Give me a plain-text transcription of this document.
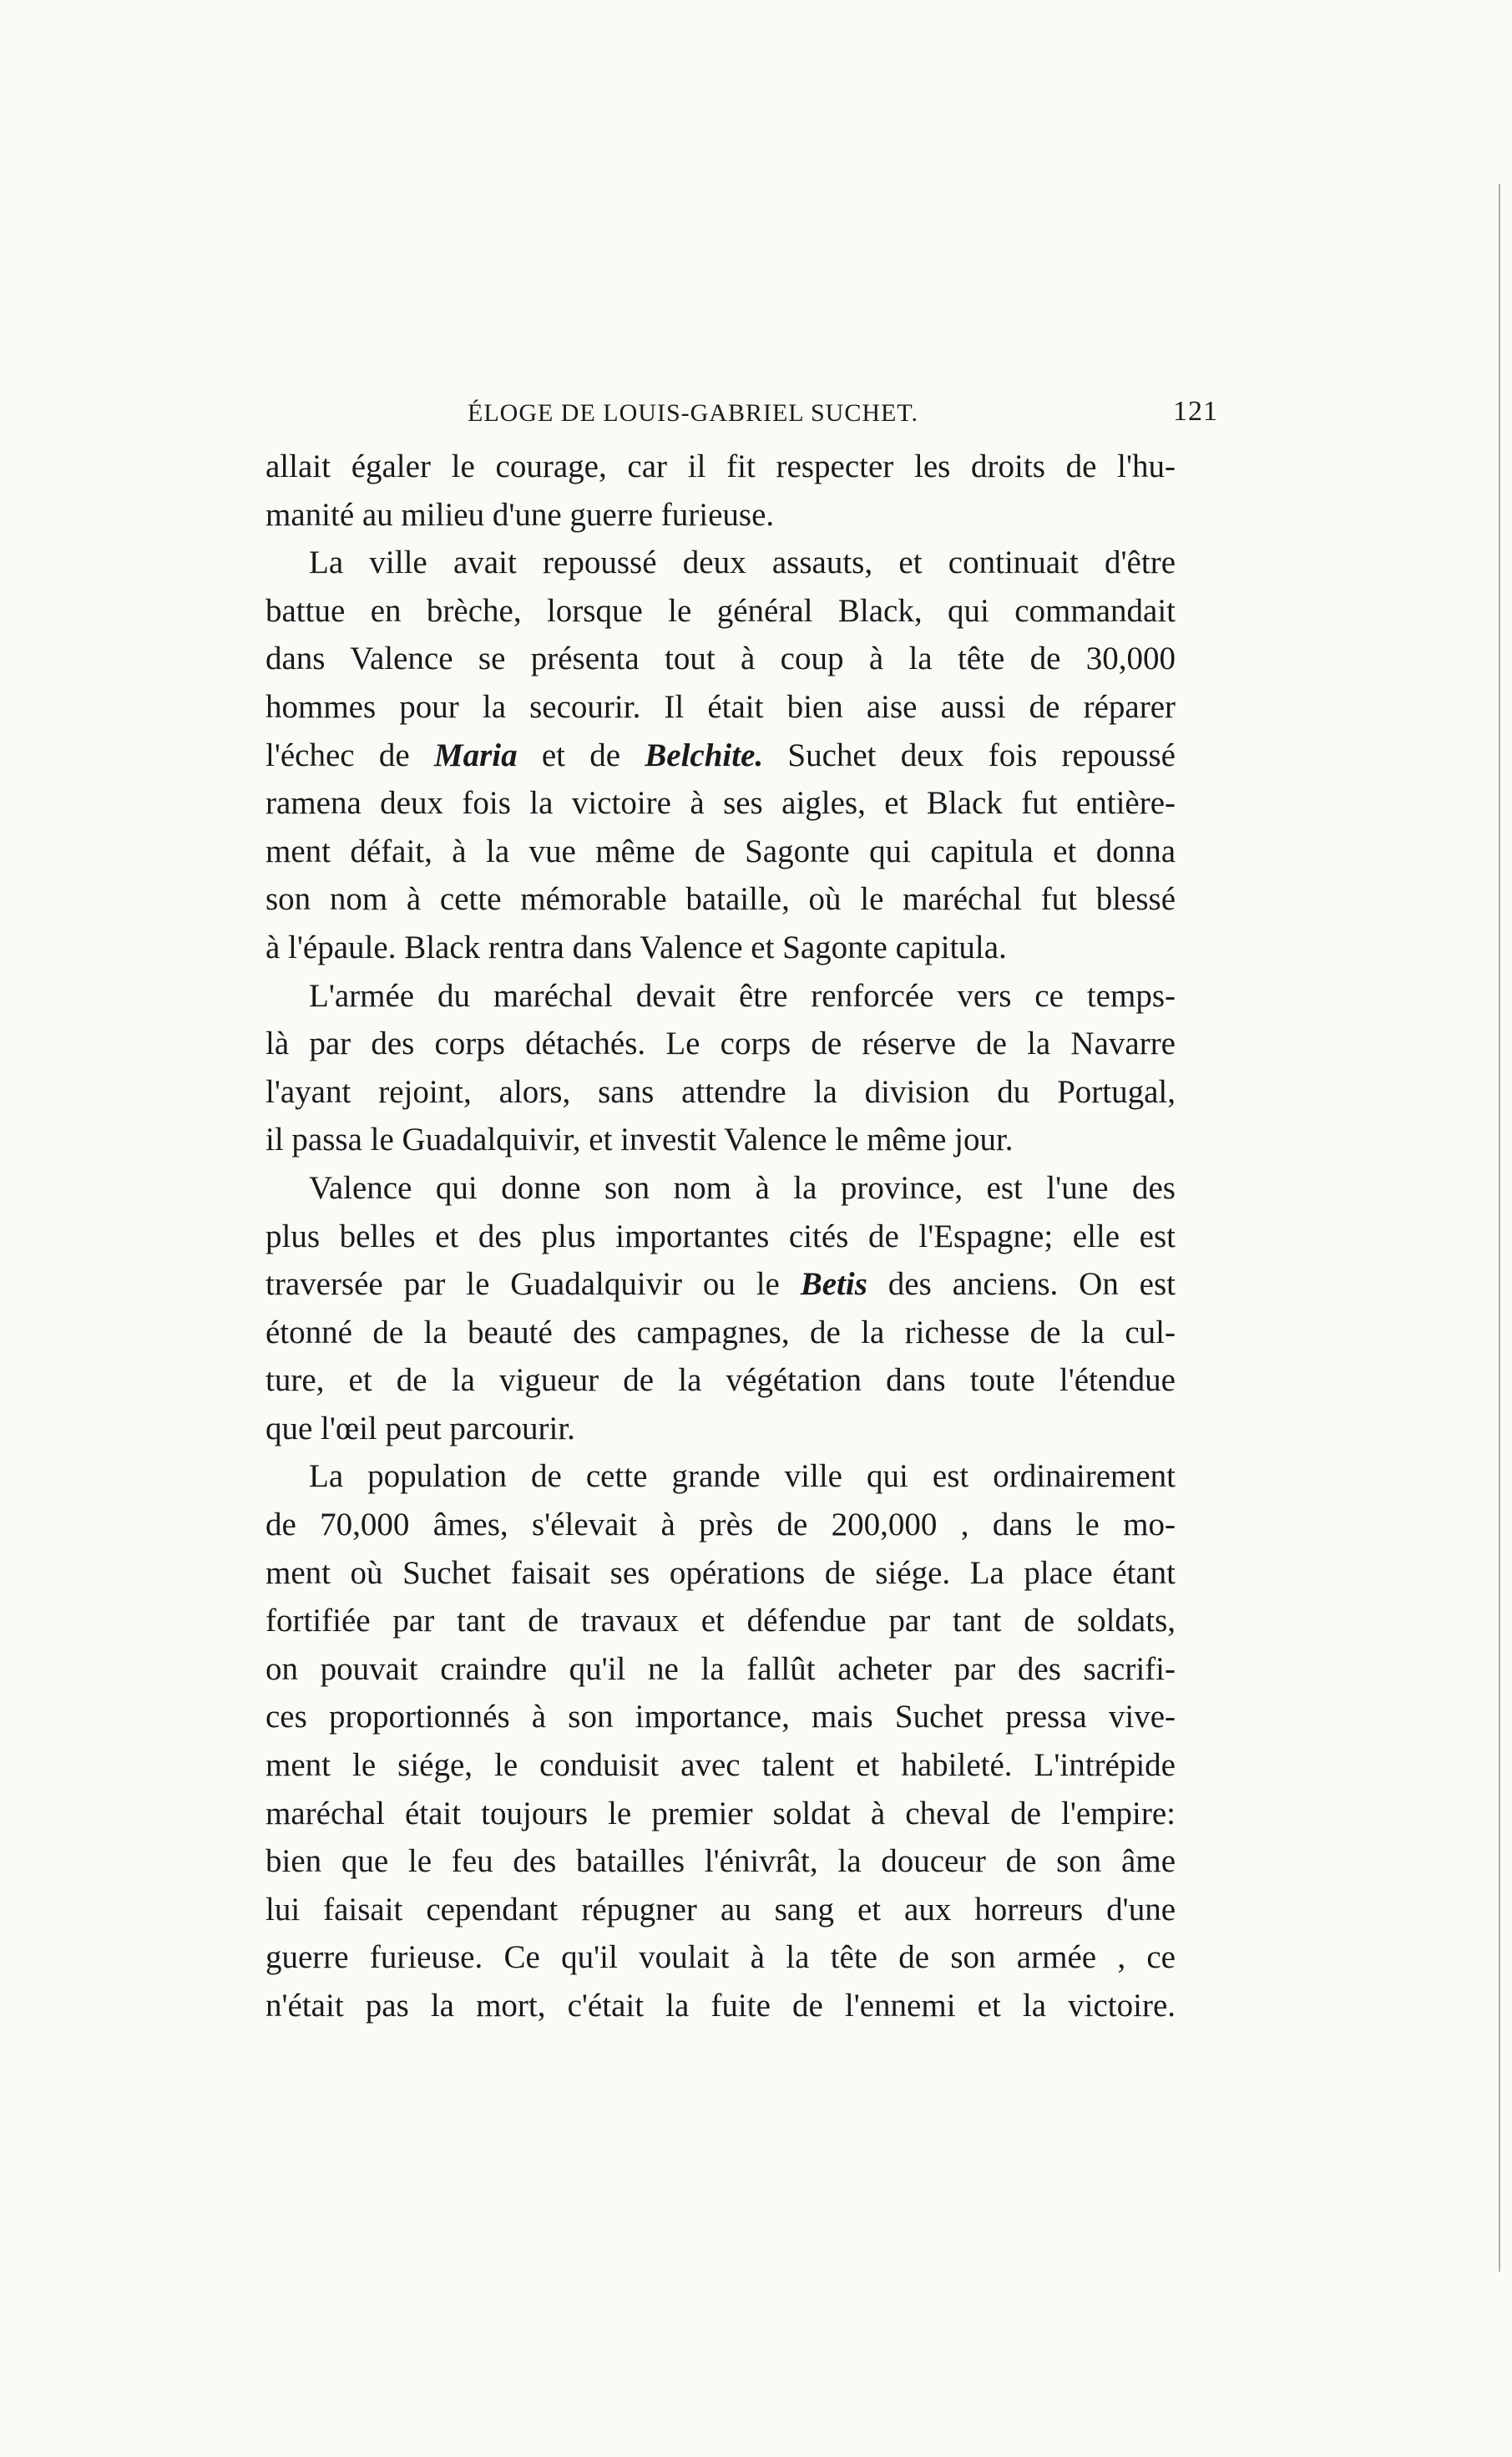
ÉLOGE DE LOUIS-GABRIEL SUCHET.	121
allait égaler le courage, car il fit respecter les droits de l'hu-
manité au milieu d'une guerre furieuse.
La ville avait repoussé deux assauts, et continuait d'être
battue en brèche, lorsque le général Black, qui commandait
dans Valence se présenta tout à coup à la tête de 30,000
hommes pour la secourir. Il était bien aise aussi de réparer
l'échec de Maria et de Belchite. Suchet deux fois repoussé
ramena deux fois la victoire à ses aigles, et Black fut entière-
ment défait, à la vue même de Sagonte qui capitula et donna
son nom à cette mémorable bataille, où le maréchal fut blessé
à l'épaule. Black rentra dans Valence et Sagonte capitula.
L'armée du maréchal devait être renforcée vers ce temps-
là par des corps détachés. Le corps de réserve de la Navarre
l'ayant rejoint, alors, sans attendre la division du Portugal,
il passa le Guadalquivir, et investit Valence le même jour.
Valence qui donne son nom à la province, est l'une des
plus belles et des plus importantes cités de l'Espagne; elle est
traversée par le Guadalquivir ou le Betis des anciens. On est
étonné de la beauté des campagnes, de la richesse de la cul-
ture, et de la vigueur de la végétation dans toute l'étendue
que l'œil peut parcourir.
La population de cette grande ville qui est ordinairement
de 70,000 âmes, s'élevait à près de 200,000 , dans le mo-
ment où Suchet faisait ses opérations de siége. La place étant
fortifiée par tant de travaux et défendue par tant de soldats,
on pouvait craindre qu'il ne la fallût acheter par des sacrifi-
ces proportionnés à son importance, mais Suchet pressa vive-
ment le siége, le conduisit avec talent et habileté. L'intrépide
maréchal était toujours le premier soldat à cheval de l'empire:
bien que le feu des batailles l'énivrât, la douceur de son âme
lui faisait cependant répugner au sang et aux horreurs d'une
guerre furieuse. Ce qu'il voulait à la tête de son armée , ce
n'était pas la mort, c'était la fuite de l'ennemi et la victoire.
